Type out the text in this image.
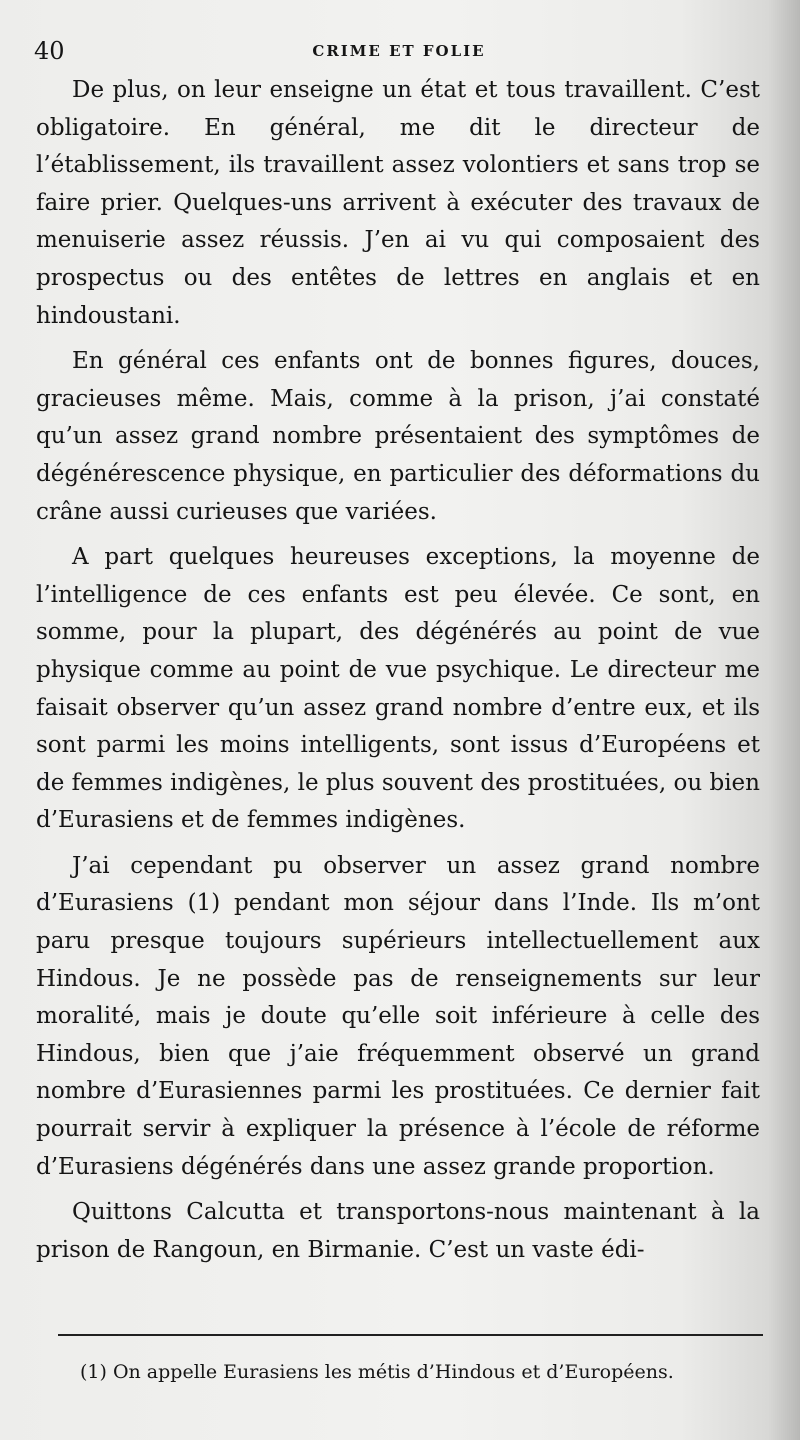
40	CRIME ET FOLIE

De plus, on leur enseigne un état et tous travaillent. C’est obligatoire. En général, me dit le directeur de l’établissement, ils travaillent assez volontiers et sans trop se faire prier. Quelques-uns arrivent à exécuter des travaux de menuiserie assez réussis. J’en ai vu qui composaient des prospectus ou des entêtes de lettres en anglais et en hindoustani.

En général ces enfants ont de bonnes figures, douces, gracieuses même. Mais, comme à la prison, j’ai constaté qu’un assez grand nombre présentaient des symptômes de dégénérescence physique, en particulier des déformations du crâne aussi curieuses que variées.

A part quelques heureuses exceptions, la moyenne de l’intelligence de ces enfants est peu élevée. Ce sont, en somme, pour la plupart, des dégénérés au point de vue physique comme au point de vue psychique. Le directeur me faisait observer qu’un assez grand nombre d’entre eux, et ils sont parmi les moins intelligents, sont issus d’Européens et de femmes indigènes, le plus souvent des prostituées, ou bien d’Eurasiens et de femmes indigènes.

J’ai cependant pu observer un assez grand nombre d’Eurasiens (1) pendant mon séjour dans l’Inde. Ils m’ont paru presque toujours supérieurs intellectuellement aux Hindous. Je ne possède pas de renseignements sur leur moralité, mais je doute qu’elle soit inférieure à celle des Hindous, bien que j’aie fréquemment observé un grand nombre d’Eurasiennes parmi les prostituées. Ce dernier fait pourrait servir à expliquer la présence à l’école de réforme d’Eurasiens dégénérés dans une assez grande proportion.

Quittons Calcutta et transportons-nous maintenant à la prison de Rangoun, en Birmanie. C’est un vaste édi-

(1) On appelle Eurasiens les métis d’Hindous et d’Européens.
